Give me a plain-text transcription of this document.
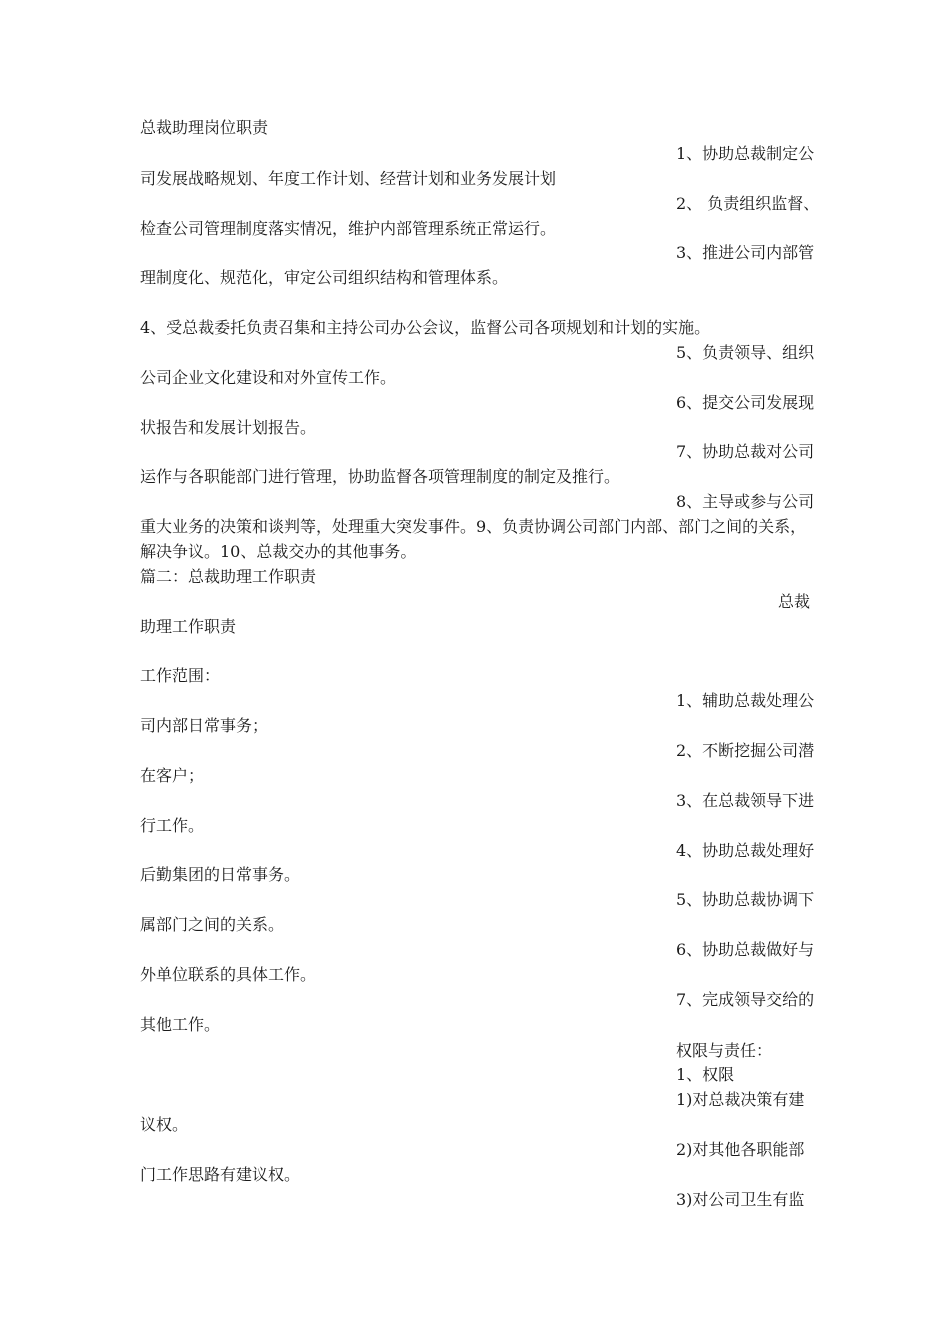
总裁助理岗位职责
1、协助总裁制定公
司发展战略规划、年度工作计划、经营计划和业务发展计划
2、 负责组织监督、
检查公司管理制度落实情况，维护内部管理系统正常运行。
3、推进公司内部管
理制度化、规范化，审定公司组织结构和管理体系。
4、受总裁委托负责召集和主持公司办公会议，监督公司各项规划和计划的实施。
5、负责领导、组织
公司企业文化建设和对外宣传工作。
6、提交公司发展现
状报告和发展计划报告。
7、协助总裁对公司
运作与各职能部门进行管理，协助监督各项管理制度的制定及推行。
8、主导或参与公司
重大业务的决策和谈判等，处理重大突发事件。9、负责协调公司部门内部、部门之间的关系，
解决争议。10、总裁交办的其他事务。
篇二：总裁助理工作职责
总裁
助理工作职责
工作范围：
1、辅助总裁处理公
司内部日常事务；
2、不断挖掘公司潜
在客户；
3、在总裁领导下进
行工作。
4、协助总裁处理好
后勤集团的日常事务。
5、协助总裁协调下
属部门之间的关系。
6、协助总裁做好与
外单位联系的具体工作。
7、完成领导交给的
其他工作。
权限与责任：
1、权限
1)对总裁决策有建
议权。
2)对其他各职能部
门工作思路有建议权。
3)对公司卫生有监
